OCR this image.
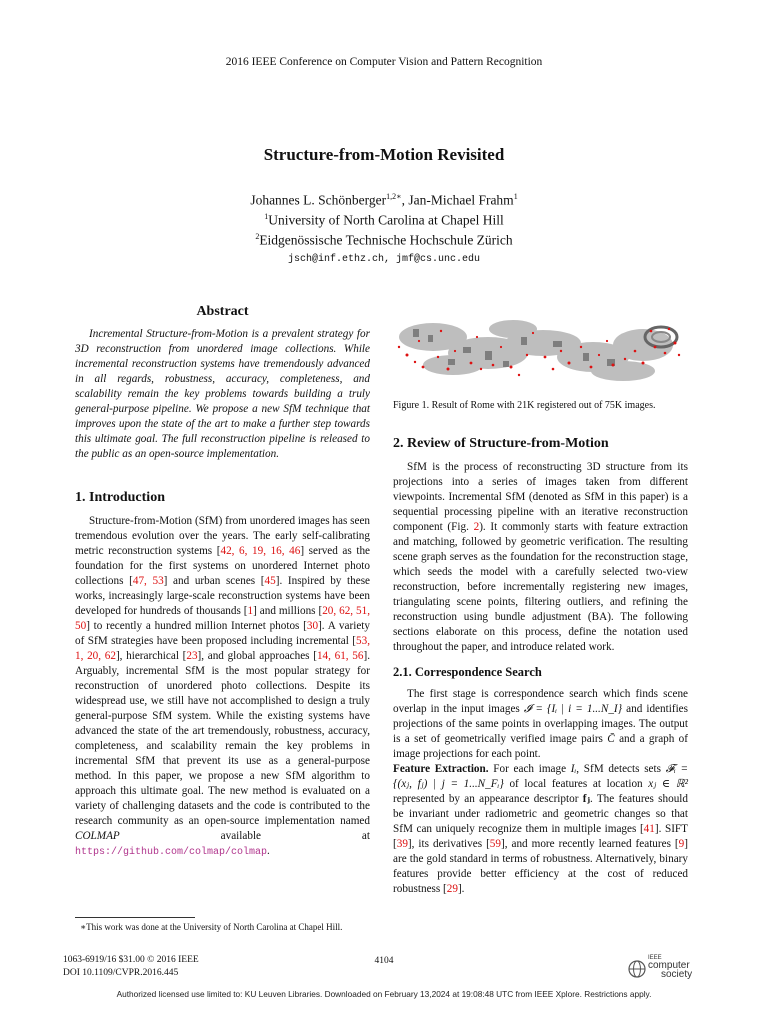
2016 IEEE Conference on Computer Vision and Pattern Recognition
Structure-from-Motion Revisited
Johannes L. Schönberger$^{1,2∗}$, Jan-Michael Frahm$^1$
$^1$University of North Carolina at Chapel Hill
$^2$Eidgenössische Technische Hochschule Zürich
jsch@inf.ethz.ch, jmf@cs.unc.edu
Abstract

Incremental Structure-from-Motion is a prevalent strategy for 3D reconstruction from unordered image collections. While incremental reconstruction systems have tremendously advanced in all regards, robustness, accuracy, completeness, and scalability remain the key problems towards building a truly general-purpose pipeline. We propose a new SfM technique that improves upon the state of the art to make a further step towards this ultimate goal. The full reconstruction pipeline is released to the public as an open-source implementation.

1. Introduction

Structure-from-Motion (SfM) from unordered images has seen tremendous evolution over the years. The early self-calibrating metric reconstruction systems [42, 6, 19, 16, 46] served as the foundation for the first systems on unordered Internet photo collections [47, 53] and urban scenes [45]. Inspired by these works, increasingly large-scale reconstruction systems have been developed for hundreds of thousands [1] and millions [20, 62, 51, 50] to recently a hundred million Internet photos [30]. A variety of SfM strategies have been proposed including incremental [53, 1, 20, 62], hierarchical [23], and global approaches [14, 61, 56]. Arguably, incremental SfM is the most popular strategy for reconstruction of unordered photo collections. Despite its widespread use, we still have not accomplished to design a truly general-purpose SfM system. While the existing systems have advanced the state of the art tremendously, robustness, accuracy, completeness, and scalability remain the key problems in incremental SfM that prevent its use as a general-purpose method. In this paper, we propose a new SfM algorithm to approach this ultimate goal. The new method is evaluated on a variety of challenging datasets and the code is contributed to the research community as an open-source implementation named COLMAP available at https://github.com/colmap/colmap.

∗This work was done at the University of North Carolina at Chapel Hill.
Figure 1. Result of Rome with 21K registered out of 75K images.
2. Review of Structure-from-Motion

SfM is the process of reconstructing 3D structure from its projections into a series of images taken from different viewpoints. Incremental SfM (denoted as SfM in this paper) is a sequential processing pipeline with an iterative reconstruction component (Fig. 2). It commonly starts with feature extraction and matching, followed by geometric verification. The resulting scene graph serves as the foundation for the reconstruction stage, which seeds the model with a carefully selected two-view reconstruction, before incrementally registering new images, triangulating scene points, filtering outliers, and refining the reconstruction using bundle adjustment (BA). The following sections elaborate on this process, define the notation used throughout the paper, and introduce related work.

2.1. Correspondence Search

The first stage is correspondence search which finds scene overlap in the input images 𝓘 = {Iᵢ | i = 1...N_I} and identifies projections of the same points in overlapping images. The output is a set of geometrically verified image pairs C̄ and a graph of image projections for each point.

Feature Extraction. For each image Iᵢ, SfM detects sets 𝓕ᵢ = {(xⱼ, fⱼ) | j = 1...N_Fᵢ} of local features at location xⱼ ∈ ℝ² represented by an appearance descriptor fⱼ. The features should be invariant under radiometric and geometric changes so that SfM can uniquely recognize them in multiple images [41]. SIFT [39], its derivatives [59], and more recently learned features [9] are the gold standard in terms of robustness. Alternatively, binary features provide better efficiency at the cost of reduced robustness [29].

1063-6919/16 $31.00 © 2016 IEEE
DOI 10.1109/CVPR.2016.445
4104	IEEE
computer
society
Authorized licensed use limited to: KU Leuven Libraries. Downloaded on February 13,2024 at 19:08:48 UTC from IEEE Xplore. Restrictions apply.
